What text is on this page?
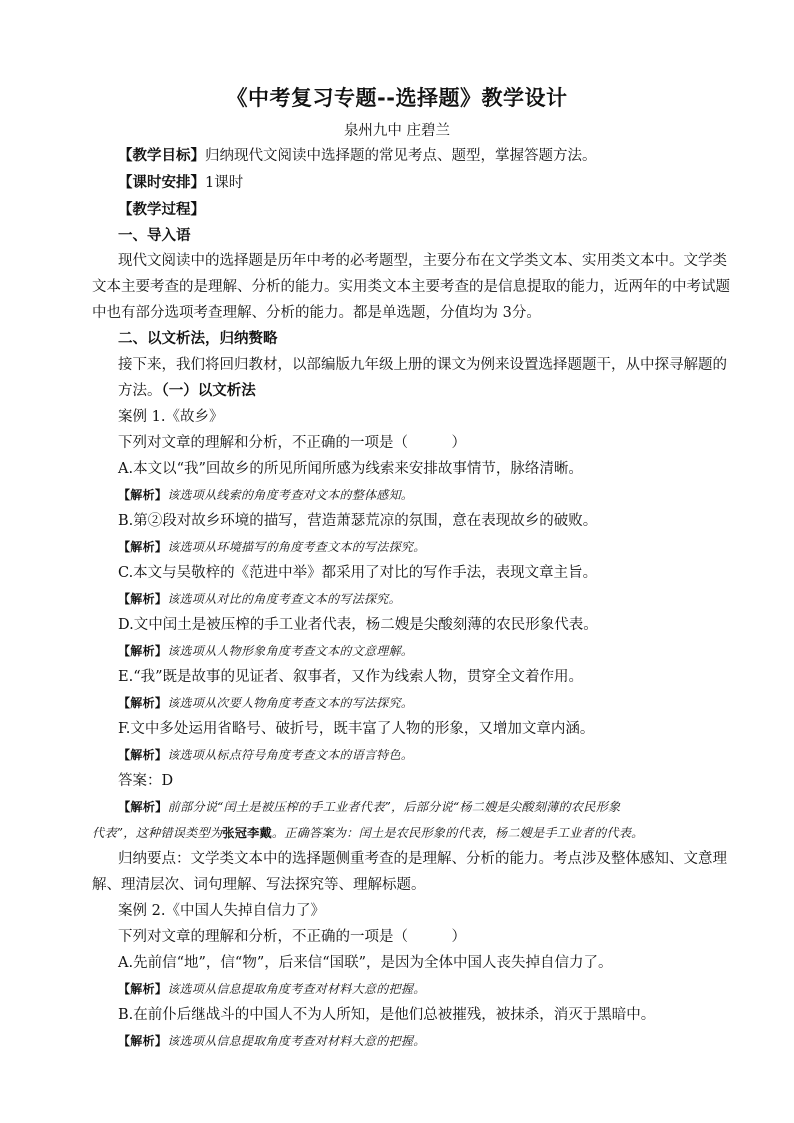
《中考复习专题--选择题》教学设计
泉州九中 庄碧兰
【教学目标】归纳现代文阅读中选择题的常见考点、题型，掌握答题方法。
【课时安排】1课时
【教学过程】
一、导入语
现代文阅读中的选择题是历年中考的必考题型，主要分布在文学类文本、实用类文本中。文学类
文本主要考查的是理解、分析的能力。实用类文本主要考查的是信息提取的能力，近两年的中考试题
中也有部分选项考查理解、分析的能力。都是单选题，分值均为 3分。
二、以文析法，归纳赘略
接下来，我们将回归教材，以部编版九年级上册的课文为例来设置选择题题干，从中探寻解题的
方法。（一）以文析法
案例 1.《故乡》
下列对文章的理解和分析，不正确的一项是（　　　）
A.本文以“我”回故乡的所见所闻所感为线索来安排故事情节，脉络清晰。
【解析】该选项从线索的角度考查对文本的整体感知。
B.第②段对故乡环境的描写，营造萧瑟荒凉的氛围，意在表现故乡的破败。
【解析】该选项从环境描写的角度考查文本的写法探究。
C.本文与吴敬梓的《范进中举》都采用了对比的写作手法，表现文章主旨。
【解析】该选项从对比的角度考查文本的写法探究。
D.文中闰土是被压榨的手工业者代表，杨二嫂是尖酸刻薄的农民形象代表。
【解析】该选项从人物形象角度考查文本的文意理解。
E.“我”既是故事的见证者、叙事者，又作为线索人物，贯穿全文着作用。
【解析】该选项从次要人物角度考查文本的写法探究。
F.文中多处运用省略号、破折号，既丰富了人物的形象，又增加文章内涵。
【解析】该选项从标点符号角度考查文本的语言特色。
答案：D
【解析】前部分说“闰土是被压榨的手工业者代表”，后部分说“杨二嫂是尖酸刻薄的农民形象
代表”，这种错误类型为张冠李戴。正确答案为：闰土是农民形象的代表，杨二嫂是手工业者的代表。
归纳要点：文学类文本中的选择题侧重考查的是理解、分析的能力。考点涉及整体感知、文意理
解、理清层次、词句理解、写法探究等、理解标题。
案例 2.《中国人失掉自信力了》
下列对文章的理解和分析，不正确的一项是（　　　）
A.先前信“地”，信“物”，后来信“国联”，是因为全体中国人丧失掉自信力了。
【解析】该选项从信息提取角度考查对材料大意的把握。
B.在前仆后继战斗的中国人不为人所知，是他们总被摧残，被抹杀，消灭于黑暗中。
【解析】该选项从信息提取角度考查对材料大意的把握。
